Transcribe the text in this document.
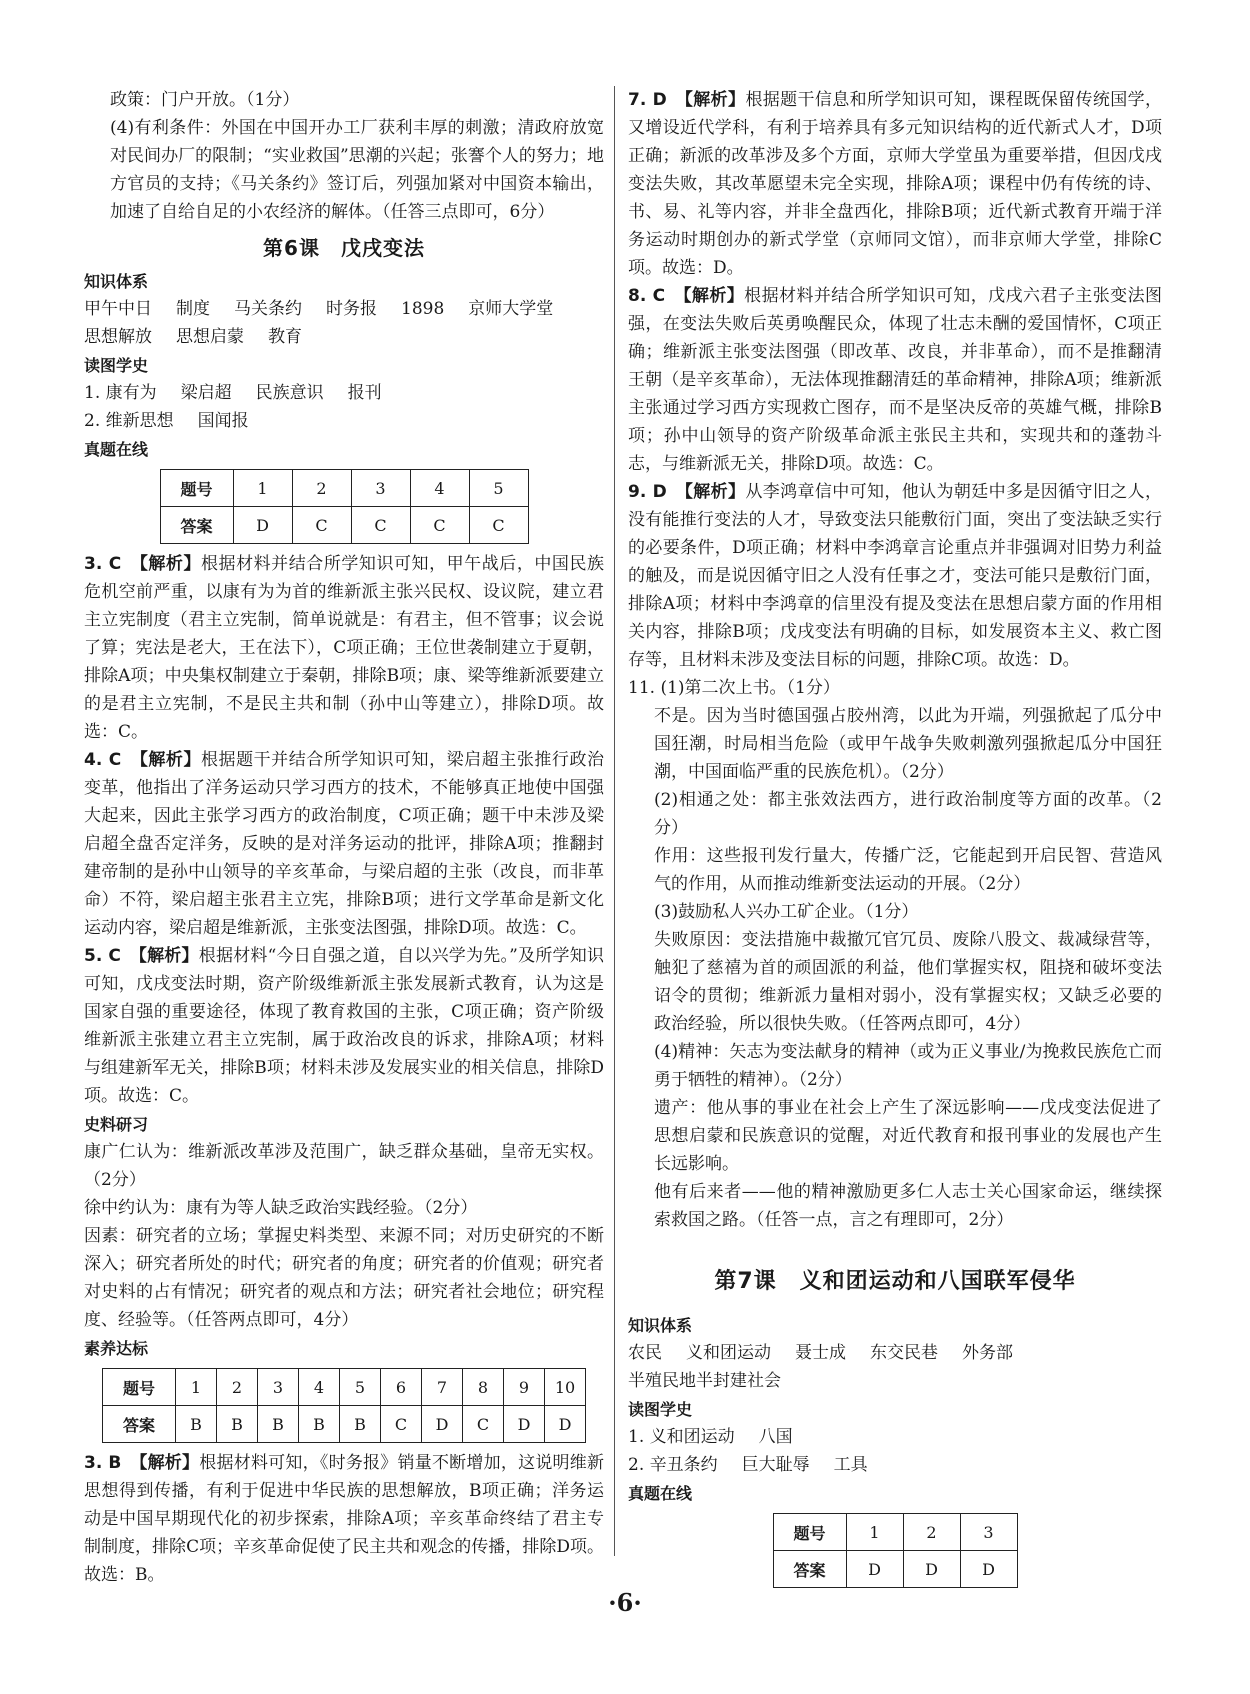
政策：门户开放。（1分）

(4)有利条件：外国在中国开办工厂获利丰厚的刺激；清政府放宽对民间办厂的限制；“实业救国”思潮的兴起；张謇个人的努力；地方官员的支持；《马关条约》签订后，列强加紧对中国资本输出，加速了自给自足的小农经济的解体。（任答三点即可，6分）

第6课　戊戌变法
知识体系
甲午中日 制度 马关条约 时务报 1898 京师大学堂
思想解放 思想启蒙 教育
读图学史
1. 康有为 梁启超 民族意识 报刊
2. 维新思想 国闻报
真题在线
题号	1	2	3	4	5
答案	D	C	C	C	C

3. C　【解析】根据材料并结合所学知识可知，甲午战后，中国民族危机空前严重，以康有为为首的维新派主张兴民权、设议院，建立君主立宪制度（君主立宪制，简单说就是：有君主，但不管事；议会说了算；宪法是老大，王在法下），C项正确；王位世袭制建立于夏朝，排除A项；中央集权制建立于秦朝，排除B项；康、梁等维新派要建立的是君主立宪制，不是民主共和制（孙中山等建立），排除D项。故选：C。

4. C　【解析】根据题干并结合所学知识可知，梁启超主张推行政治变革，他指出了洋务运动只学习西方的技术，不能够真正地使中国强大起来，因此主张学习西方的政治制度，C项正确；题干中未涉及梁启超全盘否定洋务，反映的是对洋务运动的批评，排除A项；推翻封建帝制的是孙中山领导的辛亥革命，与梁启超的主张（改良，而非革命）不符，梁启超主张君主立宪，排除B项；进行文学革命是新文化运动内容，梁启超是维新派，主张变法图强，排除D项。故选：C。

5. C　【解析】根据材料“今日自强之道，自以兴学为先。”及所学知识可知，戊戌变法时期，资产阶级维新派主张发展新式教育，认为这是国家自强的重要途径，体现了教育救国的主张，C项正确；资产阶级维新派主张建立君主立宪制，属于政治改良的诉求，排除A项；材料与组建新军无关，排除B项；材料未涉及发展实业的相关信息，排除D项。故选：C。

史料研习

康广仁认为：维新派改革涉及范围广，缺乏群众基础，皇帝无实权。（2分）

徐中约认为：康有为等人缺乏政治实践经验。（2分）

因素：研究者的立场；掌握史料类型、来源不同；对历史研究的不断深入；研究者所处的时代；研究者的角度；研究者的价值观；研究者对史料的占有情况；研究者的观点和方法；研究者社会地位；研究程度、经验等。（任答两点即可，4分）

素养达标
题号	1	2	3	4	5	6	7	8	9	10
答案	B	B	B	B	B	C	D	C	D	D

3. B　【解析】根据材料可知，《时务报》销量不断增加，这说明维新思想得到传播，有利于促进中华民族的思想解放，B项正确；洋务运动是中国早期现代化的初步探索，排除A项；辛亥革命终结了君主专制制度，排除C项；辛亥革命促使了民主共和观念的传播，排除D项。故选：B。

7. D　【解析】根据题干信息和所学知识可知，课程既保留传统国学，又增设近代学科，有利于培养具有多元知识结构的近代新式人才，D项正确；新派的改革涉及多个方面，京师大学堂虽为重要举措，但因戊戌变法失败，其改革愿望未完全实现，排除A项；课程中仍有传统的诗、书、易、礼等内容，并非全盘西化，排除B项；近代新式教育开端于洋务运动时期创办的新式学堂（京师同文馆），而非京师大学堂，排除C项。故选：D。

8. C　【解析】根据材料并结合所学知识可知，戊戌六君子主张变法图强，在变法失败后英勇唤醒民众，体现了壮志未酬的爱国情怀，C项正确；维新派主张变法图强（即改革、改良，并非革命），而不是推翻清王朝（是辛亥革命），无法体现推翻清廷的革命精神，排除A项；维新派主张通过学习西方实现救亡图存，而不是坚决反帝的英雄气概，排除B项；孙中山领导的资产阶级革命派主张民主共和，实现共和的蓬勃斗志，与维新派无关，排除D项。故选：C。

9. D　【解析】从李鸿章信中可知，他认为朝廷中多是因循守旧之人，没有能推行变法的人才，导致变法只能敷衍门面，突出了变法缺乏实行的必要条件，D项正确；材料中李鸿章言论重点并非强调对旧势力利益的触及，而是说因循守旧之人没有任事之才，变法可能只是敷衍门面，排除A项；材料中李鸿章的信里没有提及变法在思想启蒙方面的作用相关内容，排除B项；戊戌变法有明确的目标，如发展资本主义、救亡图存等，且材料未涉及变法目标的问题，排除C项。故选：D。

11. (1)第二次上书。（1分）

不是。因为当时德国强占胶州湾，以此为开端，列强掀起了瓜分中国狂潮，时局相当危险（或甲午战争失败刺激列强掀起瓜分中国狂潮，中国面临严重的民族危机）。（2分）

(2)相通之处：都主张效法西方，进行政治制度等方面的改革。（2分）

作用：这些报刊发行量大，传播广泛，它能起到开启民智、营造风气的作用，从而推动维新变法运动的开展。（2分）

(3)鼓励私人兴办工矿企业。（1分）

失败原因：变法措施中裁撤冗官冗员、废除八股文、裁减绿营等，触犯了慈禧为首的顽固派的利益，他们掌握实权，阻挠和破坏变法诏令的贯彻；维新派力量相对弱小，没有掌握实权；又缺乏必要的政治经验，所以很快失败。（任答两点即可，4分）

(4)精神：矢志为变法献身的精神（或为正义事业/为挽救民族危亡而勇于牺牲的精神）。（2分）

遗产：他从事的事业在社会上产生了深远影响——戊戌变法促进了思想启蒙和民族意识的觉醒，对近代教育和报刊事业的发展也产生长远影响。

他有后来者——他的精神激励更多仁人志士关心国家命运，继续探索救国之路。（任答一点，言之有理即可，2分）

第7课　义和团运动和八国联军侵华
知识体系
农民 义和团运动 聂士成 东交民巷 外务部
半殖民地半封建社会
读图学史
1. 义和团运动 八国
2. 辛丑条约 巨大耻辱 工具
真题在线
题号	1	2	3
答案	D	D	D
·6·
